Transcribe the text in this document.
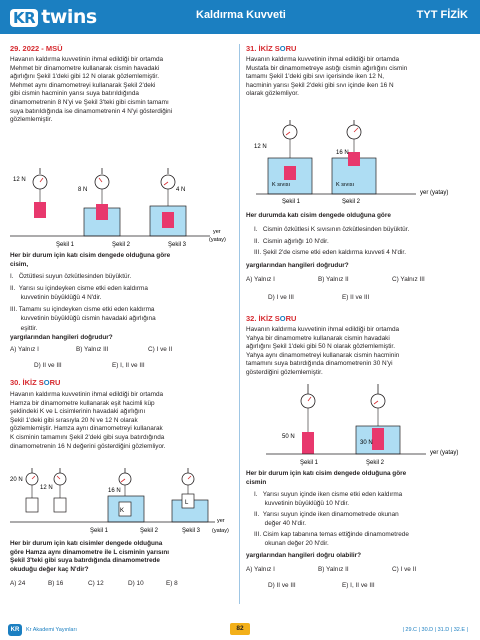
KR twins	Kaldırma Kuvveti	TYT FİZİK
29. 2022 - MSÜ

Havanın kaldırma kuvvetinin ihmal edildiği bir ortamda

Mehmet bir dinamometre kullanarak cismin havadaki

ağırlığını Şekil 1'deki gibi 12 N olarak gözlemlemiştir.

Mehmet aynı dinamometreyi kullanarak Şekil 2'deki

gibi cismin hacminin yarısı suya batırıldığında

dinamometrenin 8 N'yi ve Şekil 3'teki gibi cismin tamamı

suya batırıldığında ise dinamometrenin 4 N'yi gösterdiğini

gözlemlemiştir.

12 N
8 N	4 N
Şekil 1	Şekil 2	Şekil 3
yer
(yatay)

Her bir durum için katı cisim dengede olduğuna göre

cisim,

I.   Öztütlesi suyun özkütlesinden büyüktür.

II.  Yarısı su içindeyken cisme etki eden kaldırma

kuvvetinin büyüklüğü 4 N'dir.

III. Tamamı su içindeyken cisme etki eden kaldırma

kuvvetinin büyüklüğü cismin havadaki ağırlığına

eşittir.

yargılarından hangileri doğrudur?

A) Yalnız I	B) Yalnız III	C) I ve II
D) II ve III	E) I, II ve III
30. İKİZ SORU

Havanın kaldırma kuvvetinin ihmal edildiği bir ortamda

Hamza bir dinamometre kullanarak eşit hacimli küp

şeklindeki K ve L cisimlerinin havadaki ağırlığını

Şekil 1'deki gibi sırasıyla 20 N ve 12 N olarak

gözlemlemiştir. Hamza aynı dinamometreyi kullanarak

K cisminin tamamını Şekil 2'deki gibi suya batırdığında

dinamometrenin 16 N değerini gösterdiğini gözlemliyor.

20 N
12 N
K
16 N
L
Şekil 1	Şekil 2	Şekil 3
yer
(yatay)

Her bir durum için katı cisimler dengede olduğuna

göre Hamza aynı dinamometre ile L cisminin yarısını

Şekil 3'teki gibi suya batırdığında dinamometrede

okuduğu değer kaç N'dir?

A) 24	B) 16	C) 12	D) 10	E) 8
31. İKİZ SORU

Havanın kaldırma kuvvetinin ihmal edildiği bir ortamda

Mustafa bir dinamometreye astığı cismin ağırlığını cismin

tamamı Şekil 1'deki gibi sıvı içerisinde iken 12 N,

hacminin yarısı Şekil 2'deki gibi sıvı içinde iken 16 N

olarak gözlemliyor.

12 N
K sıvısı
16 N
K sıvısı
Şekil 1	Şekil 2
yer (yatay)

Her durumda katı cisim dengede olduğuna göre

I.   Cismin özkütlesi K sıvısının özkütlesinden büyüktür.

II.  Cismin ağırlığı 10 N'dir.

III. Şekil 2'de cisme etki eden kaldırma kuvveti 4 N'dir.

yargılarından hangileri doğrudur?

A) Yalnız I	B) Yalnız II	C) Yalnız III
D) I ve III	E) II ve III
32. İKİZ SORU

Havanın kaldırma kuvvetinin ihmal edildiği bir ortamda

Yahya bir dinamometre kullanarak cismin havadaki

ağırlığını Şekil 1'deki gibi 50 N olarak gözlemlemiştir.

Yahya aynı dinamometreyi kullanarak cismin hacminin

tamamını suya batırdığında dinamometrenin 30 N'yi

gösterdiğini gözlemlemiştir.

50 N
30 N
Şekil 1	Şekil 2
yer (yatay)

Her bir durum için katı cisim dengede olduğuna göre

cismin

I.   Yarısı suyun içinde iken cisme etki eden kaldırma

kuvvetinin büyüklüğü 10 N'dir.

II.  Yarısı suyun içinde iken dinamometrede okunan

değer 40 N'dir.

III. Cisim kap tabanına temas ettiğinde dinamometrede

okunan değer 20 N'dir.

yargılarından hangileri doğru olabilir?

A) Yalnız I	B) Yalnız II	C) I ve II
D) II ve III	E) I, II ve III
KR	Kr Akademi Yayınları	82	| 29.C | 30.D | 31.D | 32.E |
